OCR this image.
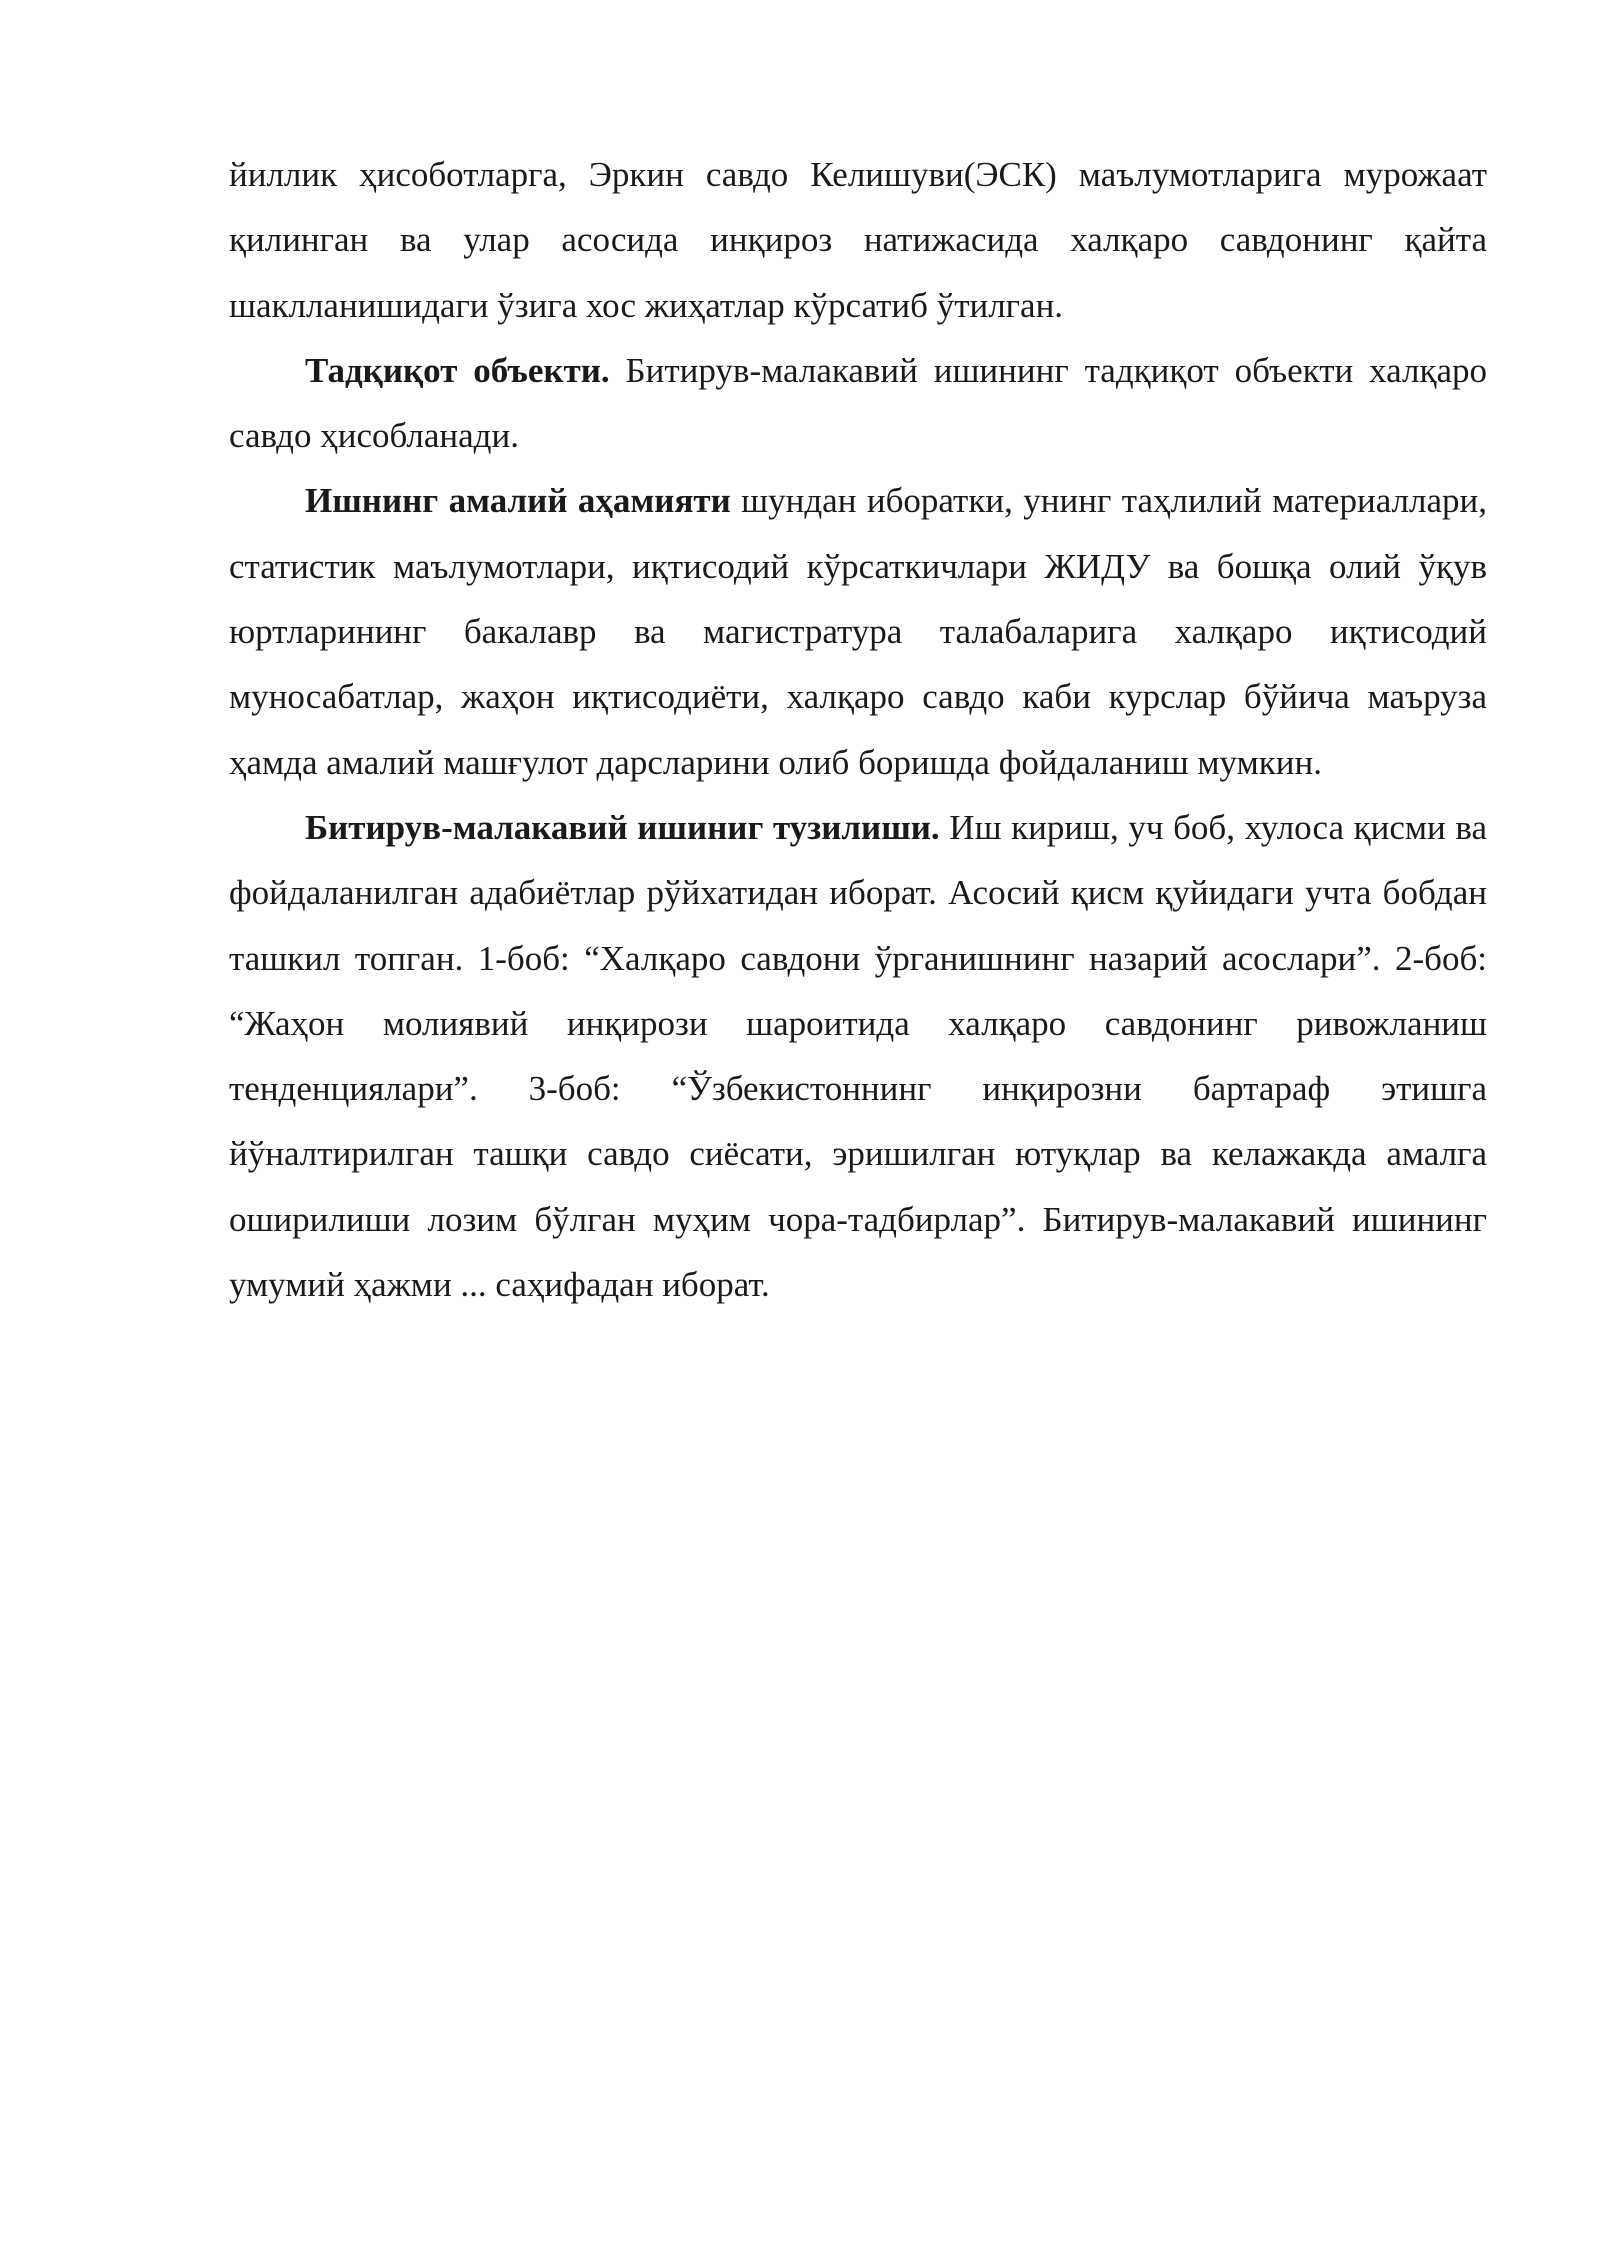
йиллик ҳисоботларга, Эркин савдо Келишуви(ЭСК) маълумотларига мурожаат қилинган ва улар асосида инқироз натижасида халқаро савдонинг қайта шаклланишидаги ўзига хос жиҳатлар кўрсатиб ўтилган.

Тадқиқот объекти. Битирув-малакавий ишининг тадқиқот объекти халқаро савдо ҳисобланади.

Ишнинг амалий аҳамияти шундан иборатки, унинг таҳлилий материаллари, статистик маълумотлари, иқтисодий кўрсаткичлари ЖИДУ ва бошқа олий ўқув юртларининг бакалавр ва магистратура талабаларига халқаро иқтисодий муносабатлар, жаҳон иқтисодиёти, халқаро савдо каби курслар бўйича маъруза ҳамда амалий машғулот дарсларини олиб боришда фойдаланиш мумкин.

Битирув-малакавий ишиниг тузилиши. Иш кириш, уч боб, хулоса қисми ва фойдаланилган адабиётлар рўйхатидан иборат. Асосий қисм қуйидаги учта бобдан ташкил топган. 1-боб: “Халқаро савдони ўрганишнинг назарий асослари”. 2-боб: “Жаҳон молиявий инқирози шароитида халқаро савдонинг ривожланиш тенденциялари”. 3-боб: “Ўзбекистоннинг инқирозни бартараф этишга йўналтирилган ташқи савдо сиёсати, эришилган ютуқлар ва келажакда амалга оширилиши лозим бўлган муҳим чора-тадбирлар”. Битирув-малакавий ишининг умумий ҳажми ... саҳифадан иборат.
